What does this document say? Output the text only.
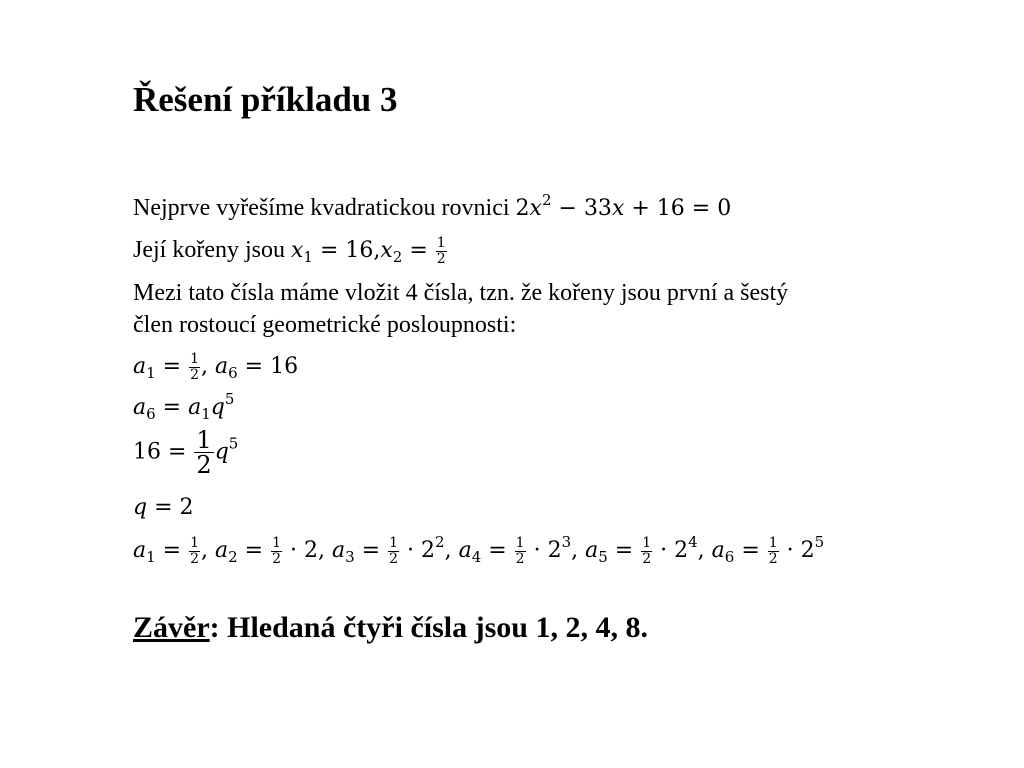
Řešení příkladu 3
Nejprve vyřešíme kvadratickou rovnici $2x^2 - 33x + 16 = 0$
Její kořeny jsou $x_1 = 16,x_2 = \frac{1}{2}$
Mezi tato čísla máme vložit 4 čísla, tzn. že kořeny jsou první a šestý
člen rostoucí geometrické posloupnosti:
$a_1 = \frac{1}{2}$ , $a_6 = 16$
$a_6 = a_1q^5$
$16 = \frac{1}{2} q^5$
q = 2
$a_1 = \frac{1}{2}$ , $a_2 = \frac{1}{2} \cdot 2$, $a_3 = \frac{1}{2} \cdot 2^2$, $a_4 = \frac{1}{2} \cdot 2^3$, $a_5 = \frac{1}{2} \cdot 2^4$, $a_6 = \frac{1}{2} \cdot 2^5$
Závěr: Hledaná čtyři čísla jsou 1, 2, 4, 8.
